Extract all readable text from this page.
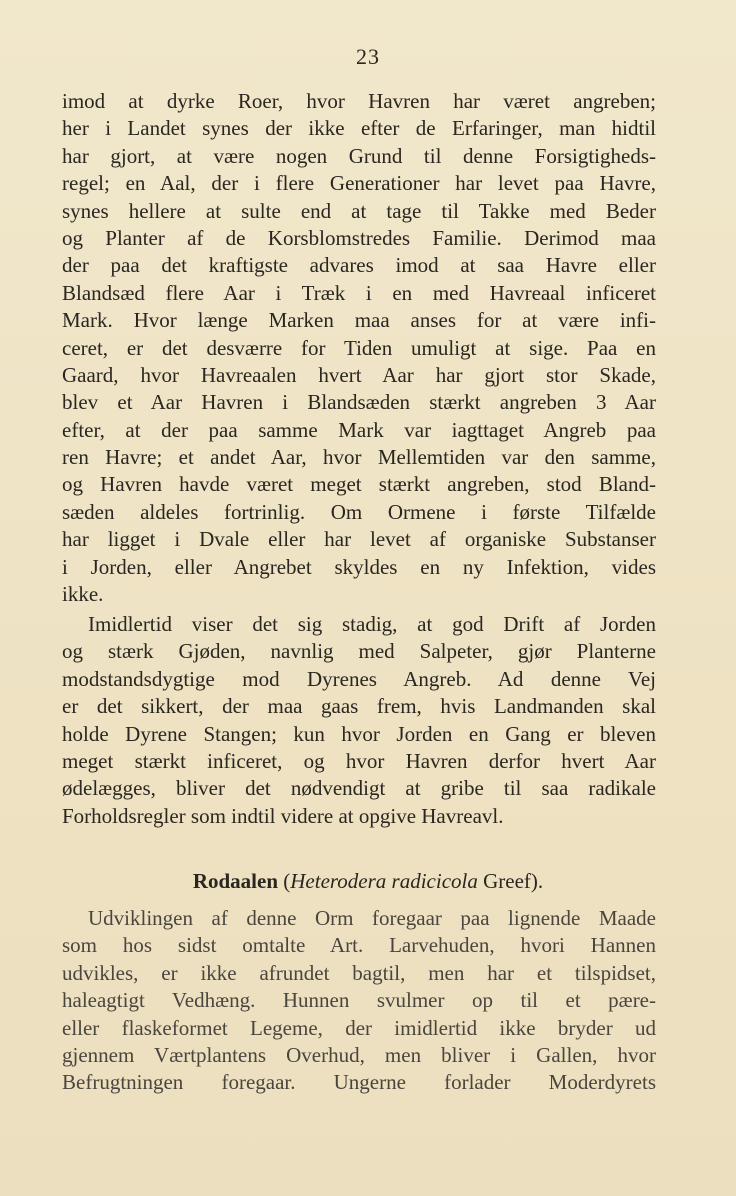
23
imod at dyrke Roer, hvor Havren har været angreben;
her i Landet synes der ikke efter de Erfaringer, man hidtil
har gjort, at være nogen Grund til denne Forsigtigheds-
regel; en Aal, der i flere Generationer har levet paa Havre,
synes hellere at sulte end at tage til Takke med Beder
og Planter af de Korsblomstredes Familie. Derimod maa
der paa det kraftigste advares imod at saa Havre eller
Blandsæd flere Aar i Træk i en med Havreaal inficeret
Mark. Hvor længe Marken maa anses for at være infi-
ceret, er det desværre for Tiden umuligt at sige. Paa en
Gaard, hvor Havreaalen hvert Aar har gjort stor Skade,
blev et Aar Havren i Blandsæden stærkt angreben 3 Aar
efter, at der paa samme Mark var iagttaget Angreb paa
ren Havre; et andet Aar, hvor Mellemtiden var den samme,
og Havren havde været meget stærkt angreben, stod Bland-
sæden aldeles fortrinlig. Om Ormene i første Tilfælde
har ligget i Dvale eller har levet af organiske Substanser
i Jorden, eller Angrebet skyldes en ny Infektion, vides
ikke.
Imidlertid viser det sig stadig, at god Drift af Jorden
og stærk Gjøden, navnlig med Salpeter, gjør Planterne
modstandsdygtige mod Dyrenes Angreb. Ad denne Vej
er det sikkert, der maa gaas frem, hvis Landmanden skal
holde Dyrene Stangen; kun hvor Jorden en Gang er bleven
meget stærkt inficeret, og hvor Havren derfor hvert Aar
ødelægges, bliver det nødvendigt at gribe til saa radikale
Forholdsregler som indtil videre at opgive Havreavl.
Rodaalen (Heterodera radicicola Greef).
Udviklingen af denne Orm foregaar paa lignende Maade
som hos sidst omtalte Art. Larvehuden, hvori Hannen
udvikles, er ikke afrundet bagtil, men har et tilspidset,
haleagtigt Vedhæng. Hunnen svulmer op til et pære-
eller flaskeformet Legeme, der imidlertid ikke bryder ud
gjennem Værtplantens Overhud, men bliver i Gallen, hvor
Befrugtningen foregaar. Ungerne forlader Moderdyrets
